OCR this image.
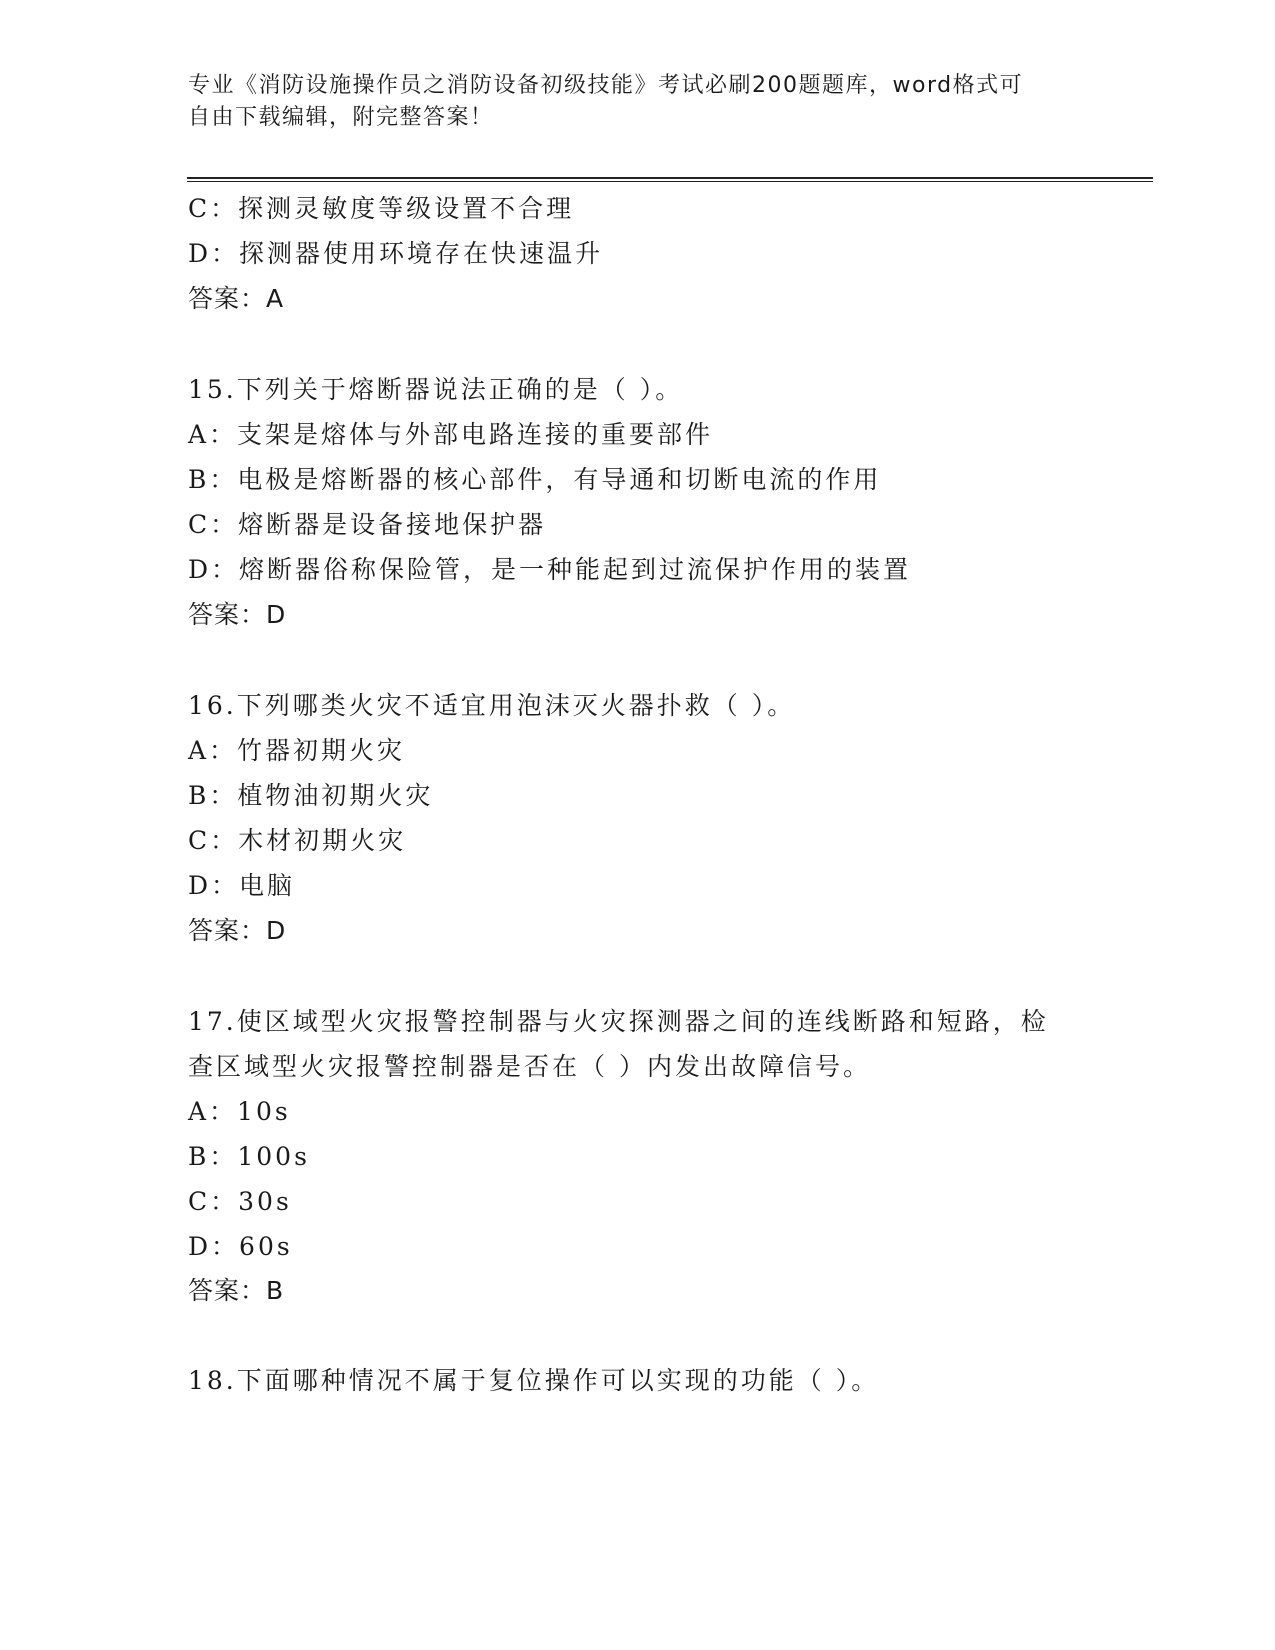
专业《消防设施操作员之消防设备初级技能》考试必刷200题题库，word格式可
自由下载编辑，附完整答案！
C：探测灵敏度等级设置不合理
D：探测器使用环境存在快速温升
答案：A
15.下列关于熔断器说法正确的是（ ）。
A：支架是熔体与外部电路连接的重要部件
B：电极是熔断器的核心部件，有导通和切断电流的作用
C：熔断器是设备接地保护器
D：熔断器俗称保险管，是一种能起到过流保护作用的装置
答案：D
16.下列哪类火灾不适宜用泡沫灭火器扑救（ ）。
A：竹器初期火灾
B：植物油初期火灾
C：木材初期火灾
D：电脑
答案：D
17.使区域型火灾报警控制器与火灾探测器之间的连线断路和短路，检
查区域型火灾报警控制器是否在（ ）内发出故障信号。
A：10s
B：100s
C：30s
D：60s
答案：B
18.下面哪种情况不属于复位操作可以实现的功能（ ）。
